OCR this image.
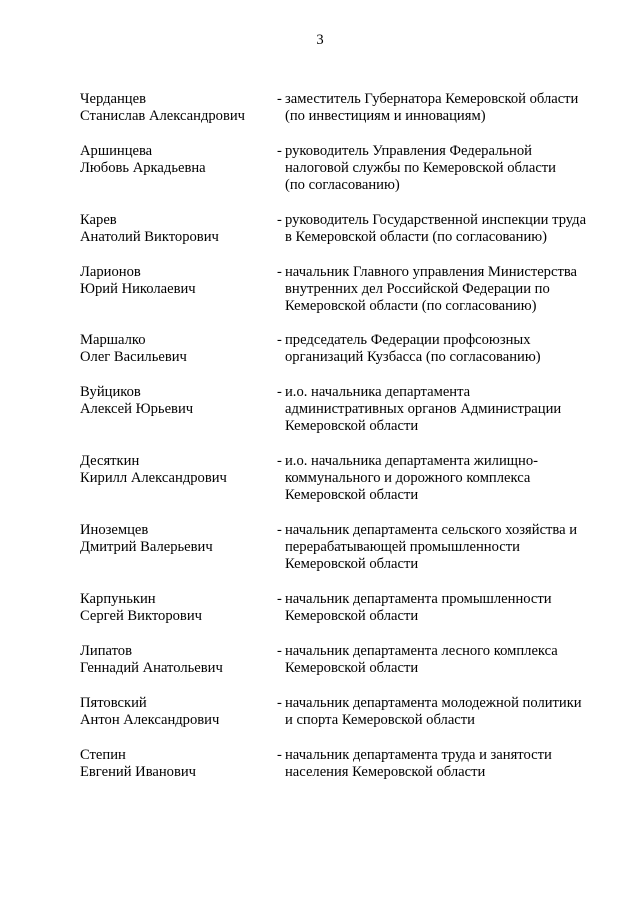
3
Черданцев
Станислав Александрович
- заместитель Губернатора Кемеровской области
(по инвестициям и инновациям)
Аршинцева
Любовь Аркадьевна
- руководитель Управления Федеральной
налоговой службы по Кемеровской области
(по согласованию)
Карев
Анатолий Викторович
- руководитель Государственной инспекции труда
в Кемеровской области (по согласованию)
Ларионов
Юрий Николаевич
- начальник Главного управления Министерства
внутренних дел Российской Федерации по
Кемеровской области (по согласованию)
Маршалко
Олег Васильевич
- председатель Федерации профсоюзных
организаций Кузбасса (по согласованию)
Вуйциков
Алексей Юрьевич
- и.о. начальника департамента
административных органов Администрации
Кемеровской области
Десяткин
Кирилл Александрович
- и.о. начальника департамента жилищно-
коммунального и дорожного комплекса
Кемеровской области
Иноземцев
Дмитрий Валерьевич
- начальник департамента сельского хозяйства и
перерабатывающей промышленности
Кемеровской области
Карпунькин
Сергей Викторович
- начальник департамента промышленности
Кемеровской области
Липатов
Геннадий Анатольевич
- начальник департамента лесного комплекса
Кемеровской области
Пятовский
Антон Александрович
- начальник департамента молодежной политики
и спорта Кемеровской области
Степин
Евгений Иванович
- начальник департамента труда и занятости
населения Кемеровской области
